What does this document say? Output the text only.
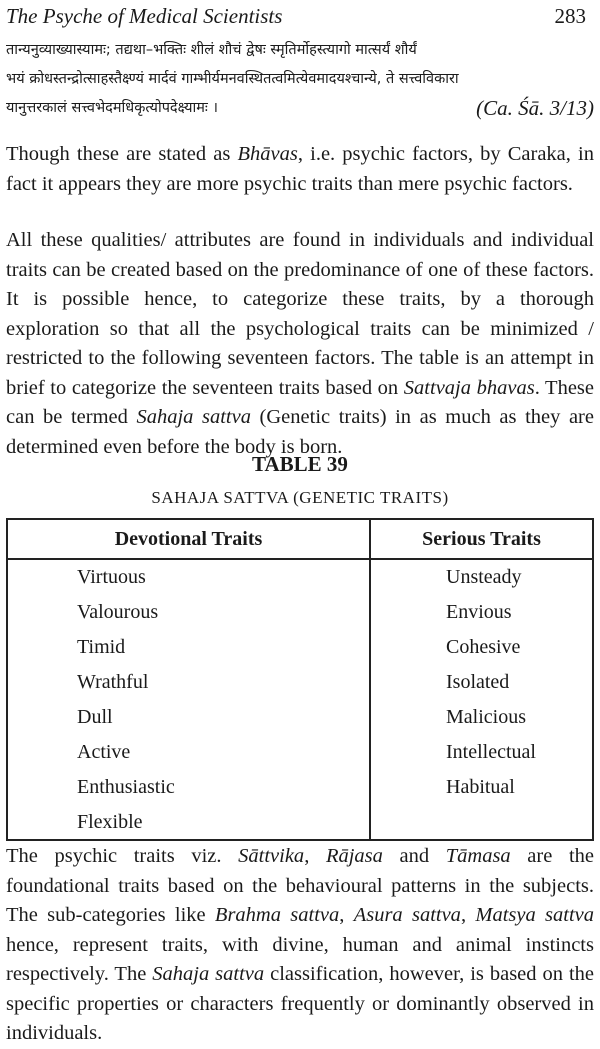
The Psyche of Medical Scientists	283
तान्यनुव्याख्यास्यामः; तद्यथा–भक्तिः शीलं शौचं द्वेषः स्मृतिर्मोहस्त्यागो मात्सर्यं शौर्यं
भयं क्रोधस्तन्द्रोत्साहस्तैक्ष्ण्यं मार्दवं गाम्भीर्यमनवस्थितत्वमित्येवमादयश्चान्ये, ते सत्त्वविकारा
यानुत्तरकालं सत्त्वभेदमधिकृत्योपदेक्ष्यामः ।	(Ca. Śā. 3/13)

Though these are stated as Bhāvas, i.e. psychic factors, by Caraka, in fact it appears they are more psychic traits than mere psychic factors.

All these qualities/ attributes are found in individuals and individual traits can be created based on the predominance of one of these factors. It is possible hence, to categorize these traits, by a thorough exploration so that all the psychological traits can be minimized / restricted to the following seventeen factors. The table is an attempt in brief to categorize the seventeen traits based on Sattvaja bhavas. These can be termed Sahaja sattva (Genetic traits) in as much as they are determined even before the body is born.

TABLE 39
SAHAJA SATTVA (GENETIC TRAITS)
Devotional Traits	Serious Traits
Virtuous	Unsteady
Valourous	Envious
Timid	Cohesive
Wrathful	Isolated
Dull	Malicious
Active	Intellectual
Enthusiastic	Habitual
Flexible	

The psychic traits viz. Sāttvika, Rājasa and Tāmasa are the foundational traits based on the behavioural patterns in the subjects. The sub-categories like Brahma sattva, Asura sattva, Matsya sattva hence, represent traits, with divine, human and animal instincts respectively. The Sahaja sattva classification, however, is based on the specific properties or characters frequently or dominantly observed in individuals.
